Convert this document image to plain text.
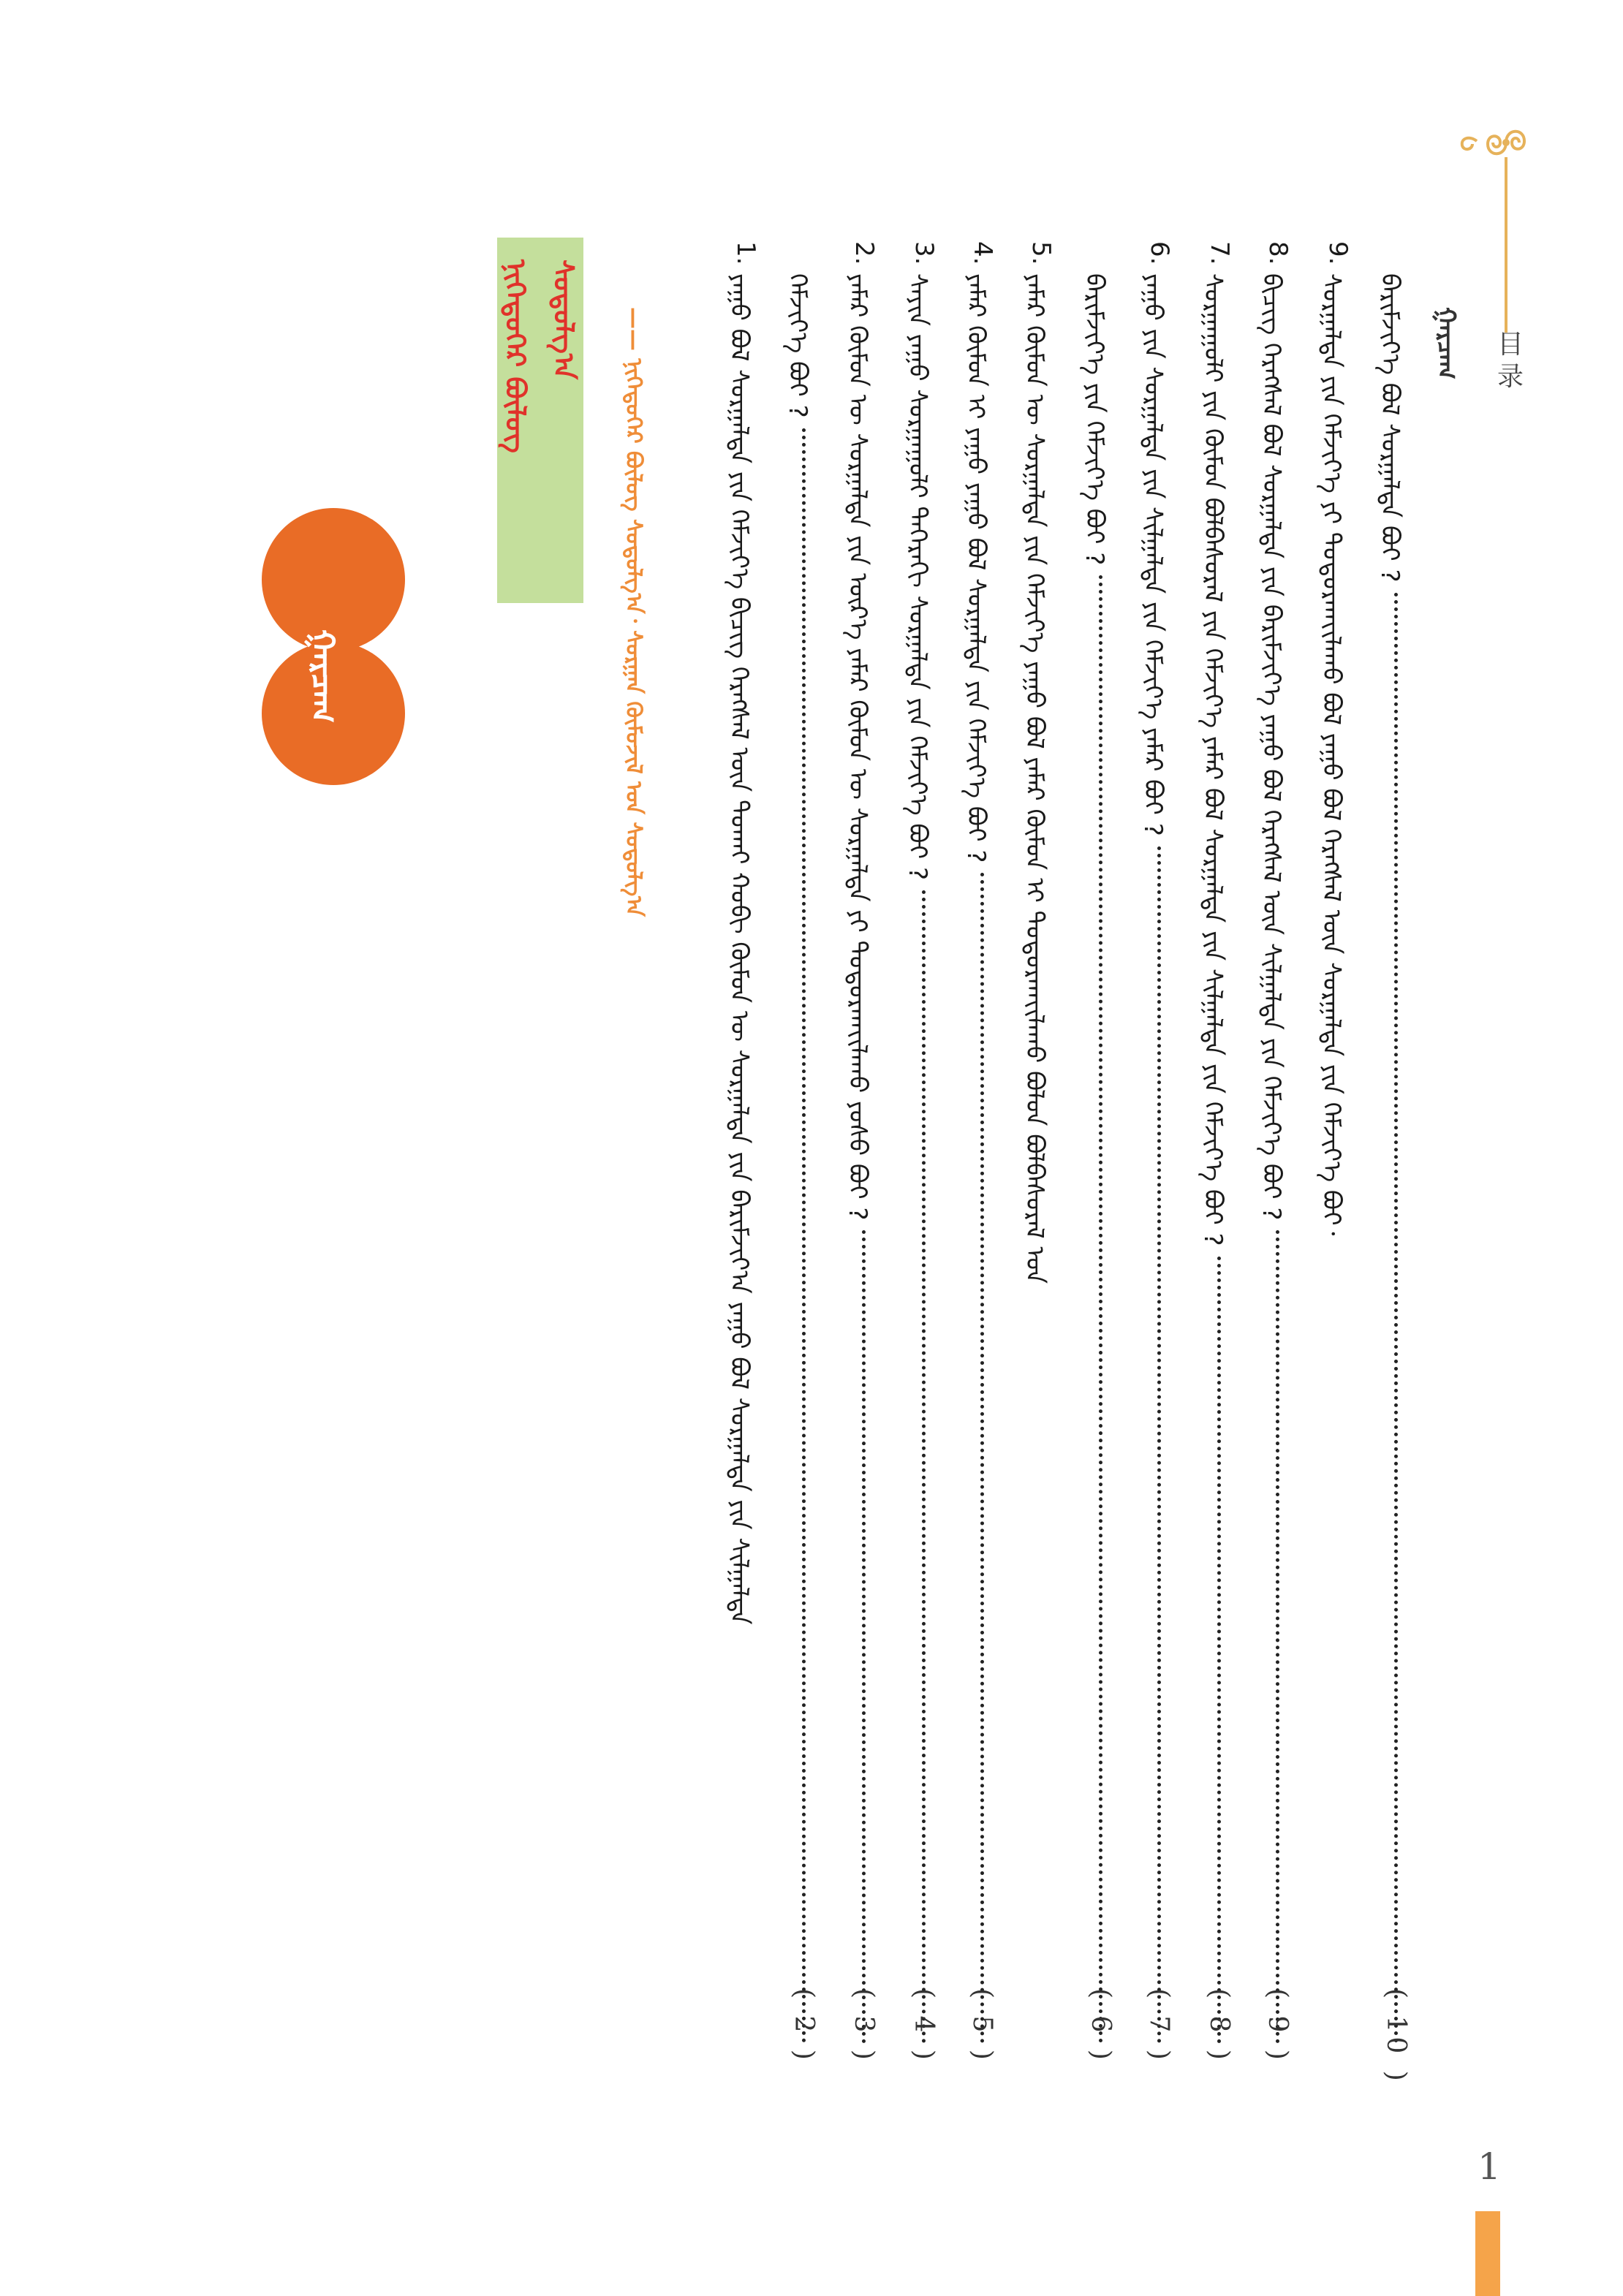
目录
ᠭᠠᠷᠴᠠᠭ
1
ᠪᠠᠷᠢᠮᠵᠢᠶ᠎ᠡ ᠪᠣᠯ ᠰᠤᠷᠭᠠᠯᠲᠠ ᠪᠣᠢ ?
( 10 )
9.
ᠰᠤᠷᠭᠠᠯᠲᠠ ᠶᠢᠨ ᠬᠡᠮᠵᠢᠶ᠎ᠡ ᠶᠢ ᠲᠣᠳᠤᠷᠬᠠᠶ᠋ᠢᠯᠠᠬᠤ ᠪᠣᠯ ᠶᠠᠭᠤ ᠪᠣᠯ ᠬᠡᠷᠡᠭᠰᠡᠯ ᠦᠨ ᠰᠤᠷᠭᠠᠯᠲᠠ ᠶᠢᠨ ᠬᠡᠮᠵᠢᠶ᠎ᠡ ᠪᠣᠢ᠂
8.
ᠪᠢᠴᠢᠭ ᠬᠡᠷᠡᠭᠰᠡᠯ ᠪᠣᠯ ᠰᠤᠷᠭᠠᠯᠲᠠ ᠶᠢᠨ ᠪᠠᠷᠢᠮᠵᠢᠶ᠎ᠡ ᠶᠠᠭᠤ ᠪᠣᠯ ᠬᠡᠷᠡᠭᠰᠡᠯ ᠦᠨ ᠰᠢᠯᠭᠠᠯᠲᠠ ᠶᠢᠨ ᠬᠡᠮᠵᠢᠶ᠎ᠡ ᠪᠣᠢ ?
( 9 )
7.
ᠰᠤᠷᠭᠠᠭᠤᠯᠢ ᠶᠢᠨ ᠬᠦᠮᠦᠨ ᠪᠣᠯᠪᠠᠰᠤᠷᠠᠯ ᠶᠢᠨ ᠬᠡᠮᠵᠢᠶ᠎ᠡ ᠶᠠᠮᠠᠷ ᠪᠣᠯ ᠰᠤᠷᠭᠠᠯᠲᠠ ᠶᠢᠨ ᠰᠢᠯᠭᠠᠯᠲᠠ ᠶᠢᠨ ᠬᠡᠮᠵᠢᠶ᠎ᠡ ᠪᠣᠢ ?
( 8 )
6.
ᠶᠠᠭᠤ ᠶᠢᠨ ᠰᠤᠷᠭᠠᠯᠲᠠ ᠶᠢᠨ ᠰᠢᠯᠭᠠᠯᠲᠠ ᠶᠢᠨ ᠬᠡᠮᠵᠢᠶ᠎ᠡ ᠶᠠᠮᠠᠷ ᠪᠣᠢ ?
( 7 )
ᠪᠠᠷᠢᠮᠵᠢᠶ᠎ᠡ ᠶᠢᠨ ᠬᠡᠮᠵᠢᠶ᠎ᠡ ᠪᠣᠢ ?
( 6 )
5.
ᠶᠠᠮᠠᠷ ᠬᠦᠮᠦᠨ ᠦ ᠰᠤᠷᠭᠠᠯᠲᠠ ᠶᠢᠨ ᠬᠡᠮᠵᠢᠶ᠎ᠡ ᠶᠠᠭᠤ ᠪᠣᠯ ᠶᠠᠮᠠᠷ ᠬᠦᠮᠦᠨ ᠢ ᠲᠣᠳᠤᠷᠬᠠᠶ᠋ᠢᠯᠠᠬᠤ ᠪᠣᠯᠣᠨ ᠪᠣᠯᠪᠠᠰᠤᠷᠠᠯ ᠤᠨ
4.
ᠶᠠᠮᠠᠷ ᠬᠦᠮᠦᠨ ᠢ ᠶᠠᠭᠤ ᠶᠠᠭᠤ ᠪᠣᠯ ᠰᠤᠷᠭᠠᠯᠲᠠ ᠶᠢᠨ ᠬᠡᠮᠵᠢᠶ᠎ᠡ ᠪᠣᠢ ?
( 5 )
3.
ᠰᠠᠶᠢᠨ ᠶᠠᠭᠤ ᠰᠤᠷᠭᠠᠭᠤᠯᠢ ᠳᠡᠭᠡᠷᠡᠬᠢ ᠰᠤᠷᠭᠠᠯᠲᠠ ᠶᠢᠨ ᠬᠡᠮᠵᠢᠶ᠎ᠡ ᠪᠣᠢ ?
( 4 )
2.
ᠶᠠᠮᠠᠷ ᠬᠦᠮᠦᠨ ᠦ ᠰᠤᠷᠭᠠᠯᠲᠠ ᠶᠢᠨ ᠦᠷ᠎ᠡ ᠶᠠᠮᠠᠷ ᠬᠦᠮᠦᠨ ᠦ ᠰᠤᠷᠭᠠᠯᠲᠠ ᠶᠢ ᠲᠣᠳᠤᠷᠬᠠᠶ᠋ᠢᠯᠠᠬᠤ ᠶᠣᠰᠣ ᠪᠣᠢ ?
( 3 )
ᠬᠡᠮᠵᠢᠶ᠎ᠡ ᠪᠣᠢ ?
( 2 )
1.
ᠶᠠᠭᠤ ᠪᠣᠯ ᠰᠤᠷᠭᠠᠯᠲᠠ ᠶᠢᠨ ᠬᠡᠮᠵᠢᠶ᠎ᠡ ᠪᠢᠴᠢᠭ ᠬᠡᠷᠡᠭᠰᠡᠯ ᠦᠨ ᠲᠤᠬᠠᠢ ᠬᠤᠪᠢ ᠬᠦᠮᠦᠨ ᠦ ᠰᠤᠷᠭᠠᠯᠲᠠ ᠶᠢᠨ ᠪᠠᠷᠢᠮᠵᠢᠶ᠎ᠠ ᠶᠠᠭᠤ ᠪᠣᠯ ᠰᠤᠷᠭᠠᠯᠲᠠ ᠶᠢᠨ ᠰᠢᠯᠭᠠᠯᠲᠠ
—— ᠨᠢᠭᠡᠳᠦᠭᠡᠷ ᠪᠦᠯᠦᠭ ᠰᠣᠳᠤᠯᠭ᠎ᠠ᠂ ᠰᠤᠷᠭᠠᠨ ᠬᠦᠮᠦᠵᠢᠯ ᠤᠨ ᠰᠤᠳᠤᠯᠭ᠎ᠠ
ᠨᠢᠭᠡᠳᠦᠭᠡᠷ ᠪᠦᠯᠦᠭ ᠰᠣᠳᠤᠯᠭ᠎ᠠ
ᠭᠠᠷᠴᠠᠭ
